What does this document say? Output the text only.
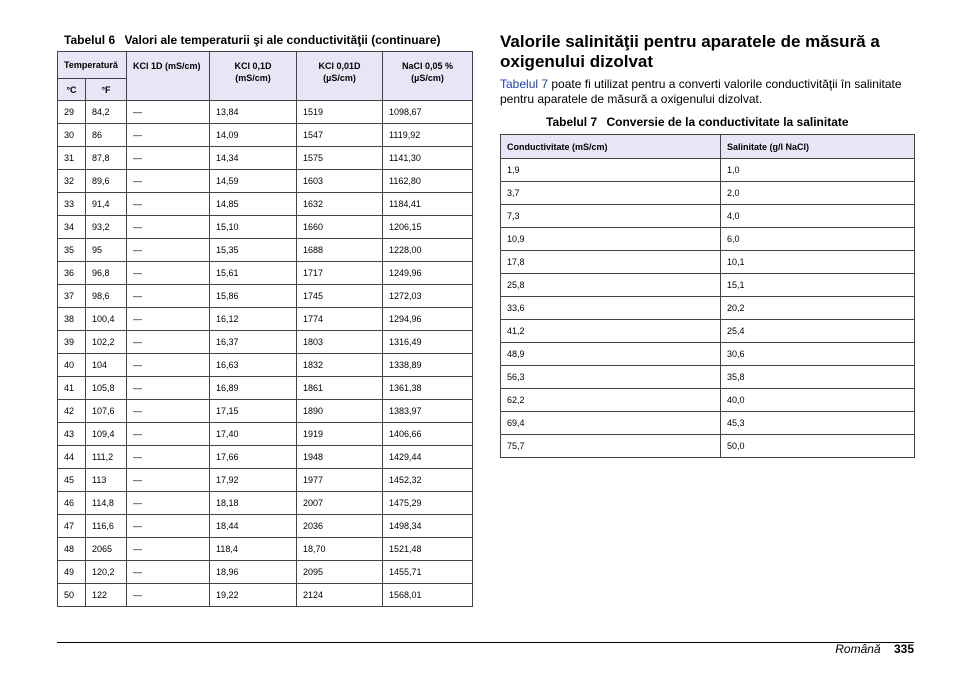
Tabelul 6 Valori ale temperaturii şi ale conductivităţii (continuare)
Temperatură		KCl 1D (mS/cm)	KCl 0,1D (mS/cm)	KCl 0,01D (µS/cm)	NaCl 0,05 % (µS/cm)
°C	°F				
29	84,2	—	13,84	1519	1098,67
30	86	—	14,09	1547	1119,92
31	87,8	—	14,34	1575	1141,30
32	89,6	—	14,59	1603	1162,80
33	91,4	—	14,85	1632	1184,41
34	93,2	—	15,10	1660	1206,15
35	95	—	15,35	1688	1228,00
36	96,8	—	15,61	1717	1249,96
37	98,6	—	15,86	1745	1272,03
38	100,4	—	16,12	1774	1294,96
39	102,2	—	16,37	1803	1316,49
40	104	—	16,63	1832	1338,89
41	105,8	—	16,89	1861	1361,38
42	107,6	—	17,15	1890	1383,97
43	109,4	—	17,40	1919	1406,66
44	111,2	—	17,66	1948	1429,44
45	113	—	17,92	1977	1452,32
46	114,8	—	18,18	2007	1475,29
47	116,6	—	18,44	2036	1498,34
48	2065	—	118,4	18,70	1521,48
49	120,2	—	18,96	2095	1455,71
50	122	—	19,22	2124	1568,01
Valorile salinităţii pentru aparatele de măsură a oxigenului dizolvat

Tabelul 7 poate fi utilizat pentru a converti valorile conductivităţii în salinitate pentru aparatele de măsură a oxigenului dizolvat.

Tabelul 7 Conversie de la conductivitate la salinitate
Conductivitate (mS/cm)	Salinitate (g/l NaCl)
1,9	1,0
3,7	2,0
7,3	4,0
10,9	6,0
17,8	10,1
25,8	15,1
33,6	20,2
41,2	25,4
48,9	30,6
56,3	35,8
62,2	40,0
69,4	45,3
75,7	50,0
Română 335
